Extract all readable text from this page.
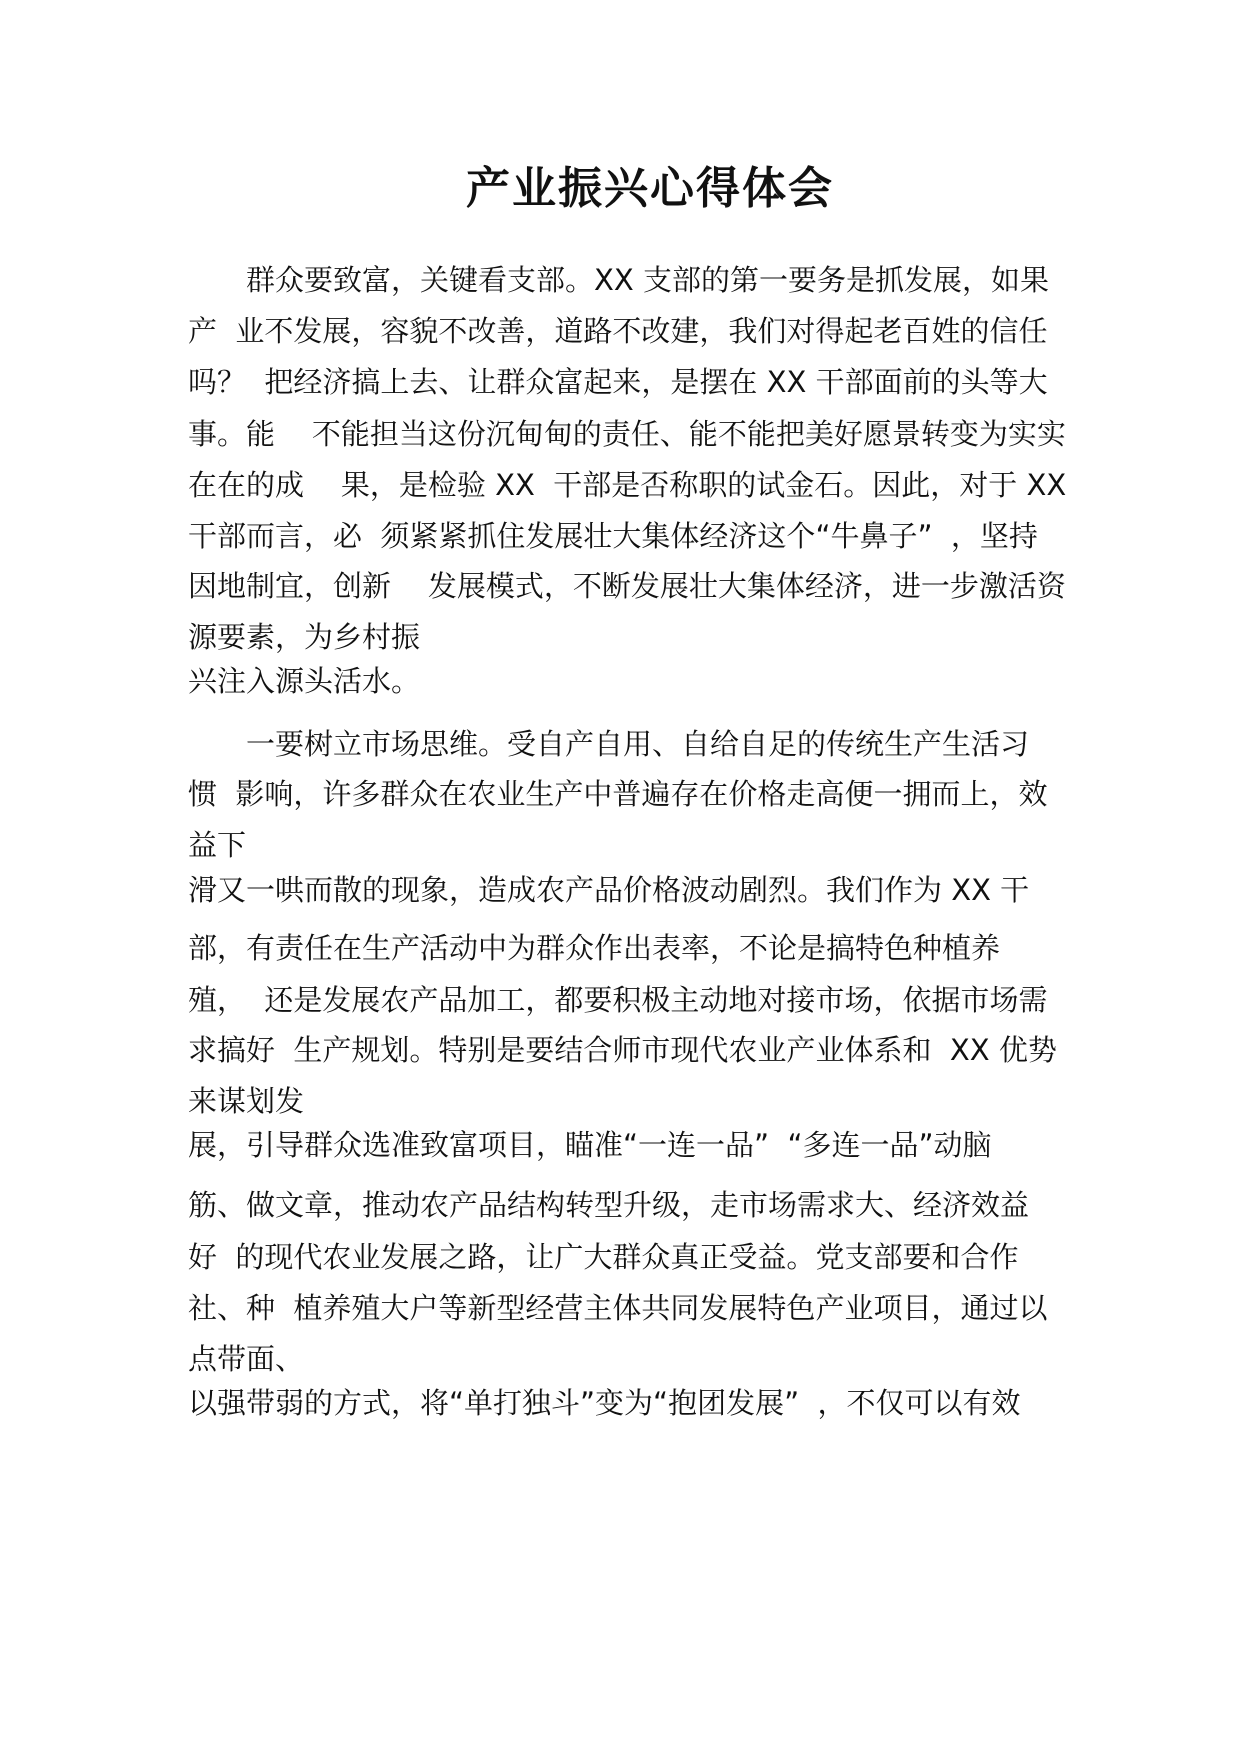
产业振兴心得体会
　　群众要致富，关键看支部。XX 支部的第一要务是抓发展，如果
产  业不发展，容貌不改善，道路不改建，我们对得起老百姓的信任
吗？  把经济搞上去、让群众富起来，是摆在 XX 干部面前的头等大
事。能    不能担当这份沉甸甸的责任、能不能把美好愿景转变为实实
在在的成    果，是检验 XX  干部是否称职的试金石。因此，对于 XX
干部而言，必  须紧紧抓住发展壮大集体经济这个“牛鼻子”  ，坚持
因地制宜，创新    发展模式，不断发展壮大集体经济，进一步激活资
源要素，为乡村振
兴注入源头活水。
　　一要树立市场思维。受自产自用、自给自足的传统生产生活习
惯  影响，许多群众在农业生产中普遍存在价格走高便一拥而上，效
益下
滑又一哄而散的现象，造成农产品价格波动剧烈。我们作为 XX 干
部，有责任在生产活动中为群众作出表率，不论是搞特色种植养
殖，  还是发展农产品加工，都要积极主动地对接市场，依据市场需
求搞好  生产规划。特别是要结合师市现代农业产业体系和  XX 优势
来谋划发
展，引导群众选准致富项目，瞄准“一连一品”  “多连一品”动脑
筋、做文章，推动农产品结构转型升级，走市场需求大、经济效益
好  的现代农业发展之路，让广大群众真正受益。党支部要和合作
社、种  植养殖大户等新型经营主体共同发展特色产业项目，通过以
点带面、
以强带弱的方式，将“单打独斗”变为“抱团发展”  ，不仅可以有效
